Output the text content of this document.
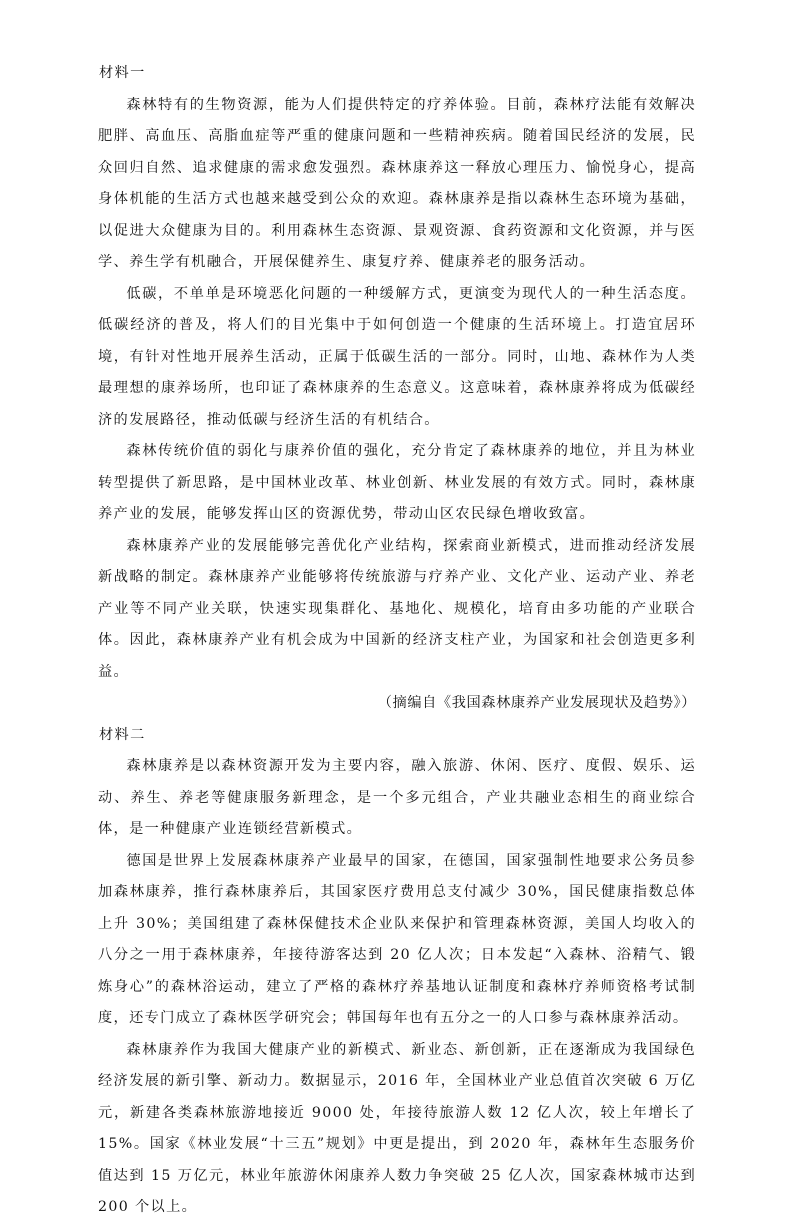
材料一

森林特有的生物资源，能为人们提供特定的疗养体验。目前，森林疗法能有效解决肥胖、高血压、高脂血症等严重的健康问题和一些精神疾病。随着国民经济的发展，民众回归自然、追求健康的需求愈发强烈。森林康养这一释放心理压力、愉悦身心，提高身体机能的生活方式也越来越受到公众的欢迎。森林康养是指以森林生态环境为基础，以促进大众健康为目的。利用森林生态资源、景观资源、食药资源和文化资源，并与医学、养生学有机融合，开展保健养生、康复疗养、健康养老的服务活动。

低碳，不单单是环境恶化问题的一种缓解方式，更演变为现代人的一种生活态度。低碳经济的普及，将人们的目光集中于如何创造一个健康的生活环境上。打造宜居环境，有针对性地开展养生活动，正属于低碳生活的一部分。同时，山地、森林作为人类最理想的康养场所，也印证了森林康养的生态意义。这意味着，森林康养将成为低碳经济的发展路径，推动低碳与经济生活的有机结合。

森林传统价值的弱化与康养价值的强化，充分肯定了森林康养的地位，并且为林业转型提供了新思路，是中国林业改革、林业创新、林业发展的有效方式。同时，森林康养产业的发展，能够发挥山区的资源优势，带动山区农民绿色增收致富。

森林康养产业的发展能够完善优化产业结构，探索商业新模式，进而推动经济发展新战略的制定。森林康养产业能够将传统旅游与疗养产业、文化产业、运动产业、养老产业等不同产业关联，快速实现集群化、基地化、规模化，培育由多功能的产业联合体。因此，森林康养产业有机会成为中国新的经济支柱产业，为国家和社会创造更多利益。

（摘编自《我国森林康养产业发展现状及趋势》）

材料二

森林康养是以森林资源开发为主要内容，融入旅游、休闲、医疗、度假、娱乐、运动、养生、养老等健康服务新理念，是一个多元组合，产业共融业态相生的商业综合体，是一种健康产业连锁经营新模式。

德国是世界上发展森林康养产业最早的国家，在德国，国家强制性地要求公务员参加森林康养，推行森林康养后，其国家医疗费用总支付减少 30%，国民健康指数总体上升 30%；美国组建了森林保健技术企业队来保护和管理森林资源，美国人均收入的八分之一用于森林康养，年接待游客达到 20 亿人次；日本发起“入森林、浴精气、锻炼身心”的森林浴运动，建立了严格的森林疗养基地认证制度和森林疗养师资格考试制度，还专门成立了森林医学研究会；韩国每年也有五分之一的人口参与森林康养活动。

森林康养作为我国大健康产业的新模式、新业态、新创新，正在逐渐成为我国绿色经济发展的新引擎、新动力。数据显示，2016 年，全国林业产业总值首次突破 6 万亿元，新建各类森林旅游地接近 9000 处，年接待旅游人数 12 亿人次，较上年增长了 15%。国家《林业发展“十三五”规划》中更是提出，到 2020 年，森林年生态服务价值达到 15 万亿元，林业年旅游休闲康养人数力争突破 25 亿人次，国家森林城市达到 200 个以上。
